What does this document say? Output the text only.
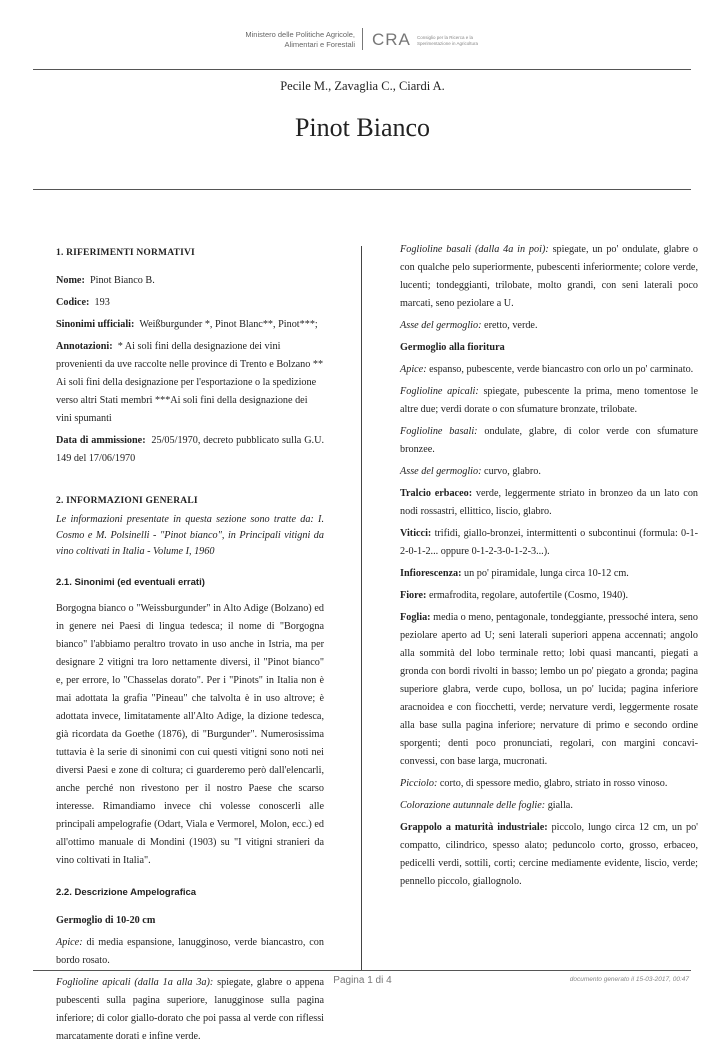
Ministero delle Politiche Agricole,
Alimentari e Forestali CRA Consiglio per la Ricerca e la
Sperimentazione in Agricoltura
Pecile M., Zavaglia C., Ciardi A.
Pinot Bianco
1. RIFERIMENTI NORMATIVI

Nome: Pinot Bianco B.

Codice: 193

Sinonimi ufficiali: Weißburgunder *, Pinot Blanc**, Pinot***;

Annotazioni: * Ai soli fini della designazione dei vini provenienti da uve raccolte nelle province di Trento e Bolzano ** Ai soli fini della designazione per l'esportazione o la spedizione verso altri Stati membri ***Ai soli fini della designazione dei vini spumanti

Data di ammissione: 25/05/1970, decreto pubblicato sulla G.U. 149 del 17/06/1970

2. INFORMAZIONI GENERALI

Le informazioni presentate in questa sezione sono tratte da: I. Cosmo e M. Polsinelli - "Pinot bianco", in Principali vitigni da vino coltivati in Italia - Volume I, 1960

2.1. Sinonimi (ed eventuali errati)

Borgogna bianco o "Weissburgunder" in Alto Adige (Bolzano) ed in genere nei Paesi di lingua tedesca; il nome di "Borgogna bianco" l'abbiamo peraltro trovato in uso anche in Istria, ma per designare 2 vitigni tra loro nettamente diversi, il "Pinot bianco" e, per errore, lo "Chasselas dorato". Per i "Pinots" in Italia non è mai adottata la grafia "Pineau" che talvolta è in uso altrove; è adottata invece, limitatamente all'Alto Adige, la dizione tedesca, già ricordata da Goethe (1876), di "Burgunder". Numerosissima tuttavia è la serie di sinonimi con cui questi vitigni sono noti nei diversi Paesi e zone di coltura; ci guarderemo però dall'elencarli, anche perché non rivestono per il nostro Paese che scarso interesse. Rimandiamo invece chi volesse conoscerli alle principali ampelografie (Odart, Viala e Vermorel, Molon, ecc.) ed all'ottimo manuale di Mondini (1903) su "I vitigni stranieri da vino coltivati in Italia".

2.2. Descrizione Ampelografica

Germoglio di 10-20 cm

Apice: di media espansione, lanugginoso, verde biancastro, con bordo rosato.

Foglioline apicali (dalla 1a alla 3a): spiegate, glabre o appena pubescenti sulla pagina superiore, lanugginose sulla pagina inferiore; di color giallo-dorato che poi passa al verde con riflessi marcatamente dorati e infine verde.

Foglioline basali (dalla 4a in poi): spiegate, un po' ondulate, glabre o con qualche pelo superiormente, pubescenti inferiormente; colore verde, lucenti; tondeggianti, trilobate, molto grandi, con seni laterali poco marcati, seno peziolare a U.

Asse del germoglio: eretto, verde.

Germoglio alla fioritura

Apice: espanso, pubescente, verde biancastro con orlo un po' carminato.

Foglioline apicali: spiegate, pubescente la prima, meno tomentose le altre due; verdi dorate o con sfumature bronzate, trilobate.

Foglioline basali: ondulate, glabre, di color verde con sfumature bronzee.

Asse del germoglio: curvo, glabro.

Tralcio erbaceo: verde, leggermente striato in bronzeo da un lato con nodi rossastri, ellittico, liscio, glabro.

Viticci: trifidi, giallo-bronzei, intermittenti o subcontinui (formula: 0-1-2-0-1-2... oppure 0-1-2-3-0-1-2-3...).

Infiorescenza: un po' piramidale, lunga circa 10-12 cm.

Fiore: ermafrodita, regolare, autofertile (Cosmo, 1940).

Foglia: media o meno, pentagonale, tondeggiante, pressoché intera, seno peziolare aperto ad U; seni laterali superiori appena accennati; angolo alla sommità del lobo terminale retto; lobi quasi mancanti, piegati a gronda con bordi rivolti in basso; lembo un po' piegato a gronda; pagina superiore glabra, verde cupo, bollosa, un po' lucida; pagina inferiore aracnoidea e con fiocchetti, verde; nervature verdi, leggermente rosate alla base sulla pagina inferiore; nervature di primo e secondo ordine sporgenti; denti poco pronunciati, regolari, con margini concavi-convessi, con base larga, mucronati.

Picciolo: corto, di spessore medio, glabro, striato in rosso vinoso.

Colorazione autunnale delle foglie: gialla.

Grappolo a maturità industriale: piccolo, lungo circa 12 cm, un po' compatto, cilindrico, spesso alato; peduncolo corto, grosso, erbaceo, pedicelli verdi, sottili, corti; cercine mediamente evidente, liscio, verde; pennello piccolo, giallognolo.

Pagina 1 di 4	documento generato il 15-03-2017, 00:47
